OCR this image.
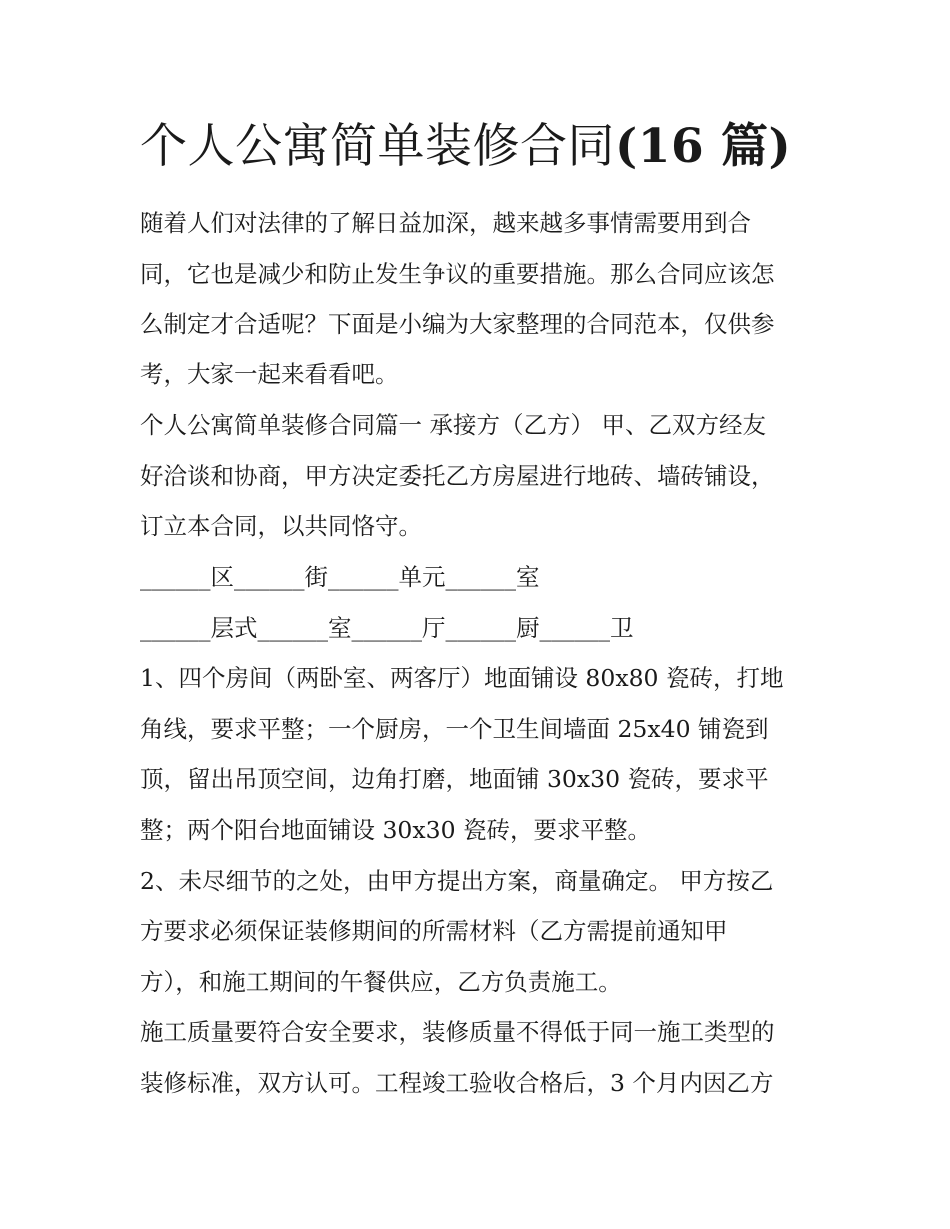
个人公寓简单装修合同(16 篇)

随着人们对法律的了解日益加深，越来越多事情需要用到合

同，它也是减少和防止发生争议的重要措施。那么合同应该怎

么制定才合适呢？下面是小编为大家整理的合同范本，仅供参

考，大家一起来看看吧。

个人公寓简单装修合同篇一 承接方（乙方） 甲、乙双方经友

好洽谈和协商，甲方决定委托乙方房屋进行地砖、墙砖铺设，

订立本合同，以共同恪守。

______区______街______单元______室

______层式______室______厅______厨______卫

1、四个房间（两卧室、两客厅）地面铺设 80x80 瓷砖，打地

角线，要求平整；一个厨房，一个卫生间墙面 25x40 铺瓷到

顶，留出吊顶空间，边角打磨，地面铺 30x30 瓷砖，要求平

整；两个阳台地面铺设 30x30 瓷砖，要求平整。

2、未尽细节的之处，由甲方提出方案，商量确定。 甲方按乙

方要求必须保证装修期间的所需材料（乙方需提前通知甲

方），和施工期间的午餐供应，乙方负责施工。

施工质量要符合安全要求，装修质量不得低于同一施工类型的

装修标准，双方认可。工程竣工验收合格后，3 个月内因乙方
